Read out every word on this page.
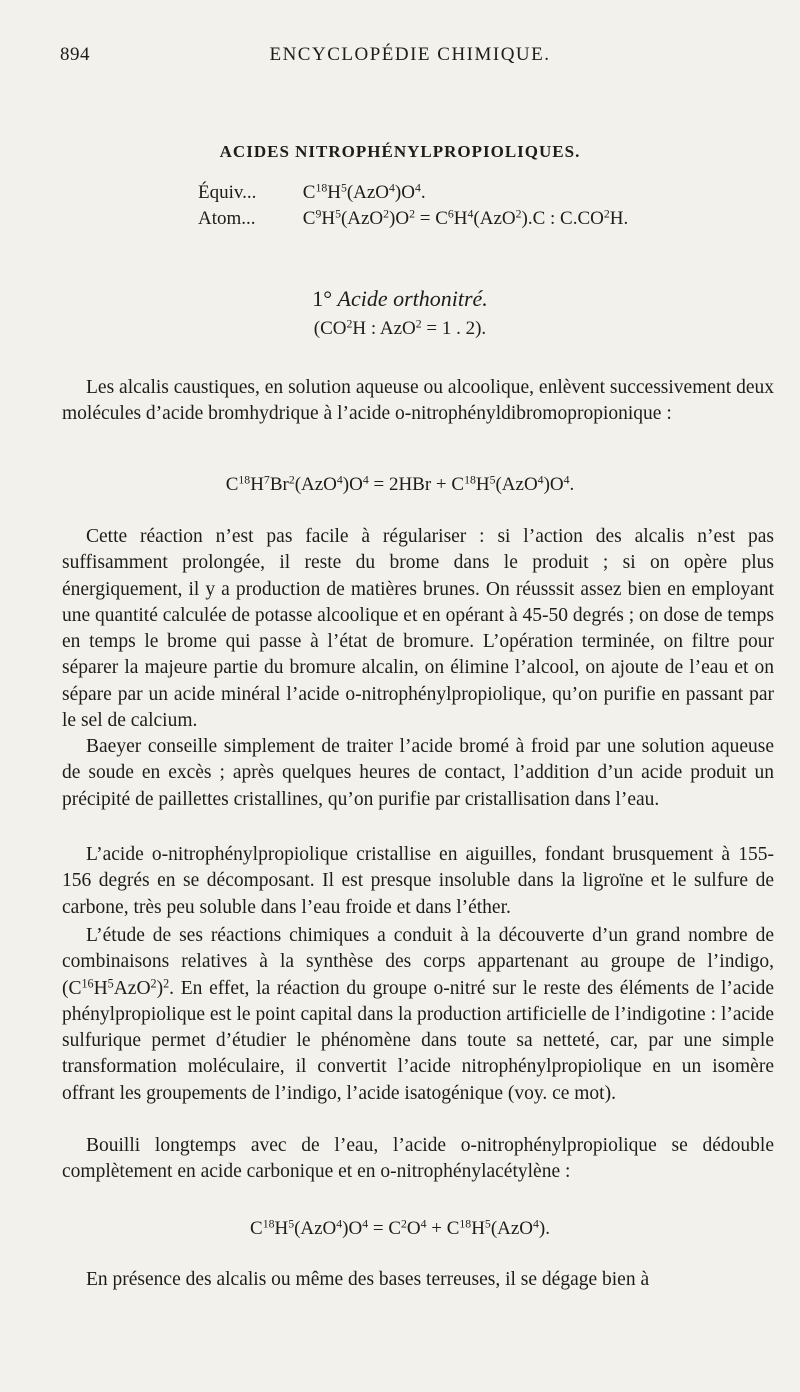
894	ENCYCLOPÉDIE CHIMIQUE.
ACIDES NITROPHÉNYLPROPIOLIQUES.
Équiv... $C^{18}H^5(AzO^4)O^4$.
Atom... $C^9H^5(AzO^2)O^2 = C^6H^4(AzO^2).C$ : $C.CO^2H$.
1° Acide orthonitré.
($CO^2H$ : AzO$^2$ = 1 . 2).

Les alcalis caustiques, en solution aqueuse ou alcoolique, enlèvent successivement deux molécules d’acide bromhydrique à l’acide o-nitrophényldibromopropionique :

$C^{18}H^7Br^2(AzO^4)O^4 = 2HBr + C^{18}H^5(AzO^4)O^4$.

Cette réaction n’est pas facile à régulariser : si l’action des alcalis n’est pas suffisamment prolongée, il reste du brome dans le produit ; si on opère plus énergiquement, il y a production de matières brunes. On réusssit assez bien en employant une quantité calculée de potasse alcoolique et en opérant à 45-50 degrés ; on dose de temps en temps le brome qui passe à l’état de bromure. L’opération terminée, on filtre pour séparer la majeure partie du bromure alcalin, on élimine l’alcool, on ajoute de l’eau et on sépare par un acide minéral l’acide o-nitrophénylpropiolique, qu’on purifie en passant par le sel de calcium.

Baeyer conseille simplement de traiter l’acide bromé à froid par une solution aqueuse de soude en excès ; après quelques heures de contact, l’addition d’un acide produit un précipité de paillettes cristallines, qu’on purifie par cristallisation dans l’eau.

L’acide o-nitrophénylpropiolique cristallise en aiguilles, fondant brusquement à 155-156 degrés en se décomposant. Il est presque insoluble dans la ligroïne et le sulfure de carbone, très peu soluble dans l’eau froide et dans l’éther.

L’étude de ses réactions chimiques a conduit à la découverte d’un grand nombre de combinaisons relatives à la synthèse des corps appartenant au groupe de l’indigo, $(C^{16}H^5AzO^2)^2$. En effet, la réaction du groupe o-nitré sur le reste des éléments de l’acide phénylpropiolique est le point capital dans la production artificielle de l’indigotine : l’acide sulfurique permet d’étudier le phénomène dans toute sa netteté, car, par une simple transformation moléculaire, il convertit l’acide nitrophénylpropiolique en un isomère offrant les groupements de l’indigo, l’acide isatogénique (voy. ce mot).

Bouilli longtemps avec de l’eau, l’acide o-nitrophénylpropiolique se dédouble complètement en acide carbonique et en o-nitrophénylacétylène :

$C^{18}H^5(AzO^4)O^4 = C^2O^4 + C^{18}H^5(AzO^4)$.

En présence des alcalis ou même des bases terreuses, il se dégage bien à
